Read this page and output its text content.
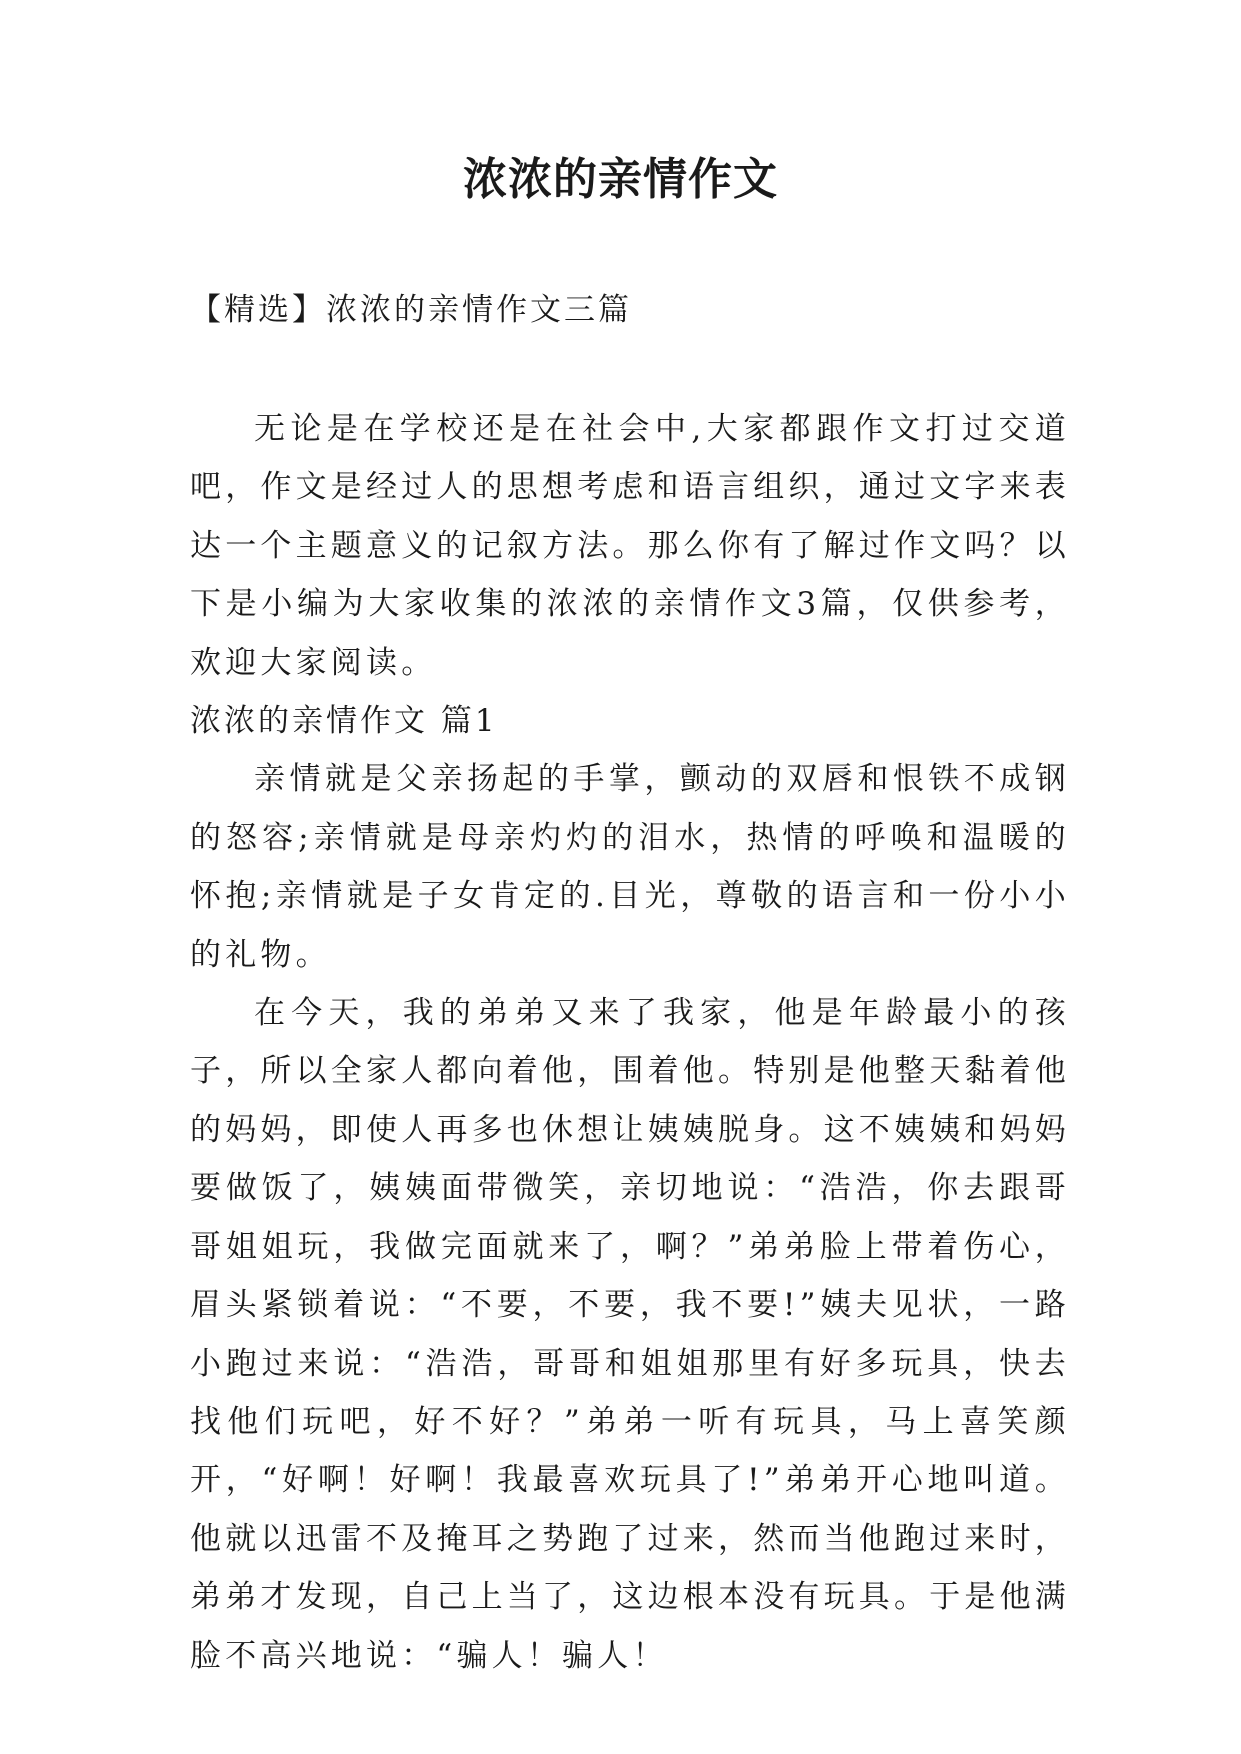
浓浓的亲情作文
【精选】浓浓的亲情作文三篇

无论是在学校还是在社会中,大家都跟作文打过交道吧，作文是经过人的思想考虑和语言组织，通过文字来表达一个主题意义的记叙方法。那么你有了解过作文吗？以下是小编为大家收集的浓浓的亲情作文3篇，仅供参考，欢迎大家阅读。

浓浓的亲情作文 篇1

亲情就是父亲扬起的手掌，颤动的双唇和恨铁不成钢的怒容;亲情就是母亲灼灼的泪水，热情的呼唤和温暖的怀抱;亲情就是子女肯定的.目光，尊敬的语言和一份小小的礼物。

在今天，我的弟弟又来了我家，他是年龄最小的孩子，所以全家人都向着他，围着他。特别是他整天黏着他的妈妈，即使人再多也休想让姨姨脱身。这不姨姨和妈妈要做饭了，姨姨面带微笑，亲切地说：“浩浩，你去跟哥哥姐姐玩，我做完面就来了，啊？”弟弟脸上带着伤心，眉头紧锁着说：“不要，不要，我不要!”姨夫见状，一路小跑过来说：“浩浩，哥哥和姐姐那里有好多玩具，快去找他们玩吧，好不好？”弟弟一听有玩具，马上喜笑颜开，“好啊！好啊！我最喜欢玩具了!”弟弟开心地叫道。他就以迅雷不及掩耳之势跑了过来，然而当他跑过来时，弟弟才发现，自己上当了，这边根本没有玩具。于是他满脸不高兴地说：“骗人！骗人！
